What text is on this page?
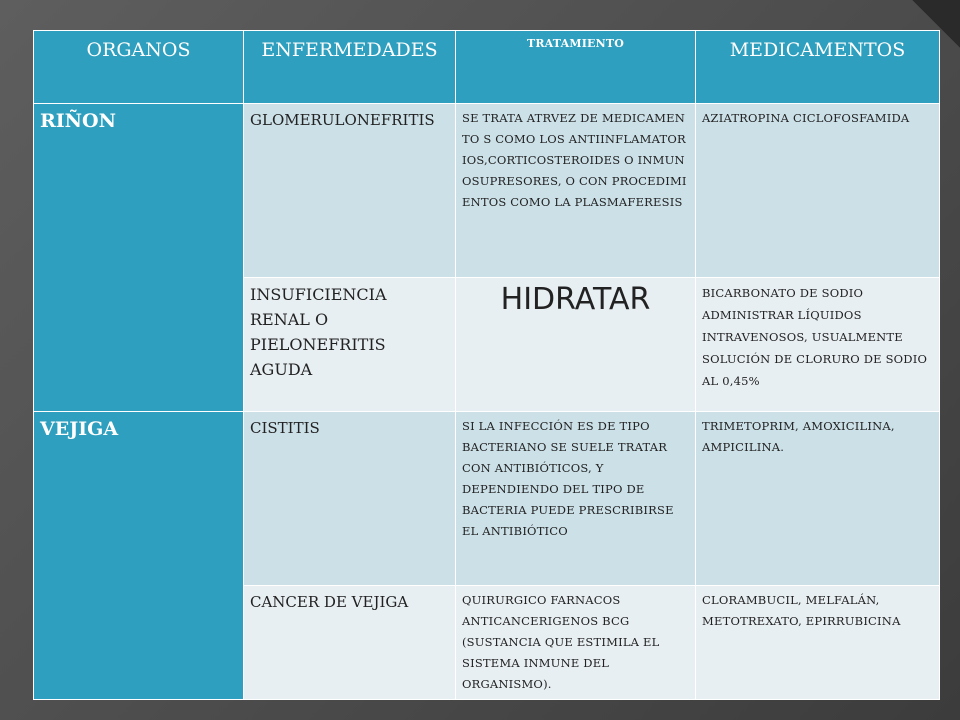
ORGANOS	ENFERMEDADES	TRATAMIENTO	MEDICAMENTOS
RIÑON	GLOMERULONEFRITIS	SE TRATA ATRVEZ DE MEDICAMENTO S COMO LOS ANTIINFLAMATORIOS,CORTICOSTEROIDES O INMUNOSUPRESORES, O CON PROCEDIMIENTOS COMO LA PLASMAFERESIS	AZIATROPINA CICLOFOSFAMIDA
	INSUFICIENCIA RENAL O PIELONEFRITIS AGUDA	HIDRATAR	BICARBONATO DE SODIO ADMINISTRAR LÍQUIDOS INTRAVENOSOS, USUALMENTE SOLUCIÓN DE CLORURO DE SODIO AL 0,45%
VEJIGA	CISTITIS	SI LA INFECCIÓN ES DE TIPO BACTERIANO SE SUELE TRATAR CON ANTIBIÓTICOS, Y DEPENDIENDO DEL TIPO DE BACTERIA PUEDE PRESCRIBIRSE EL ANTIBIÓTICO	TRIMETOPRIM, AMOXICILINA, AMPICILINA.
	CANCER DE VEJIGA	QUIRURGICO FARNACOS ANTICANCERIGENOS BCG (SUSTANCIA QUE ESTIMILA EL SISTEMA INMUNE DEL ORGANISMO).	CLORAMBUCIL, MELFALÁN, METOTREXATO, EPIRRUBICINA
